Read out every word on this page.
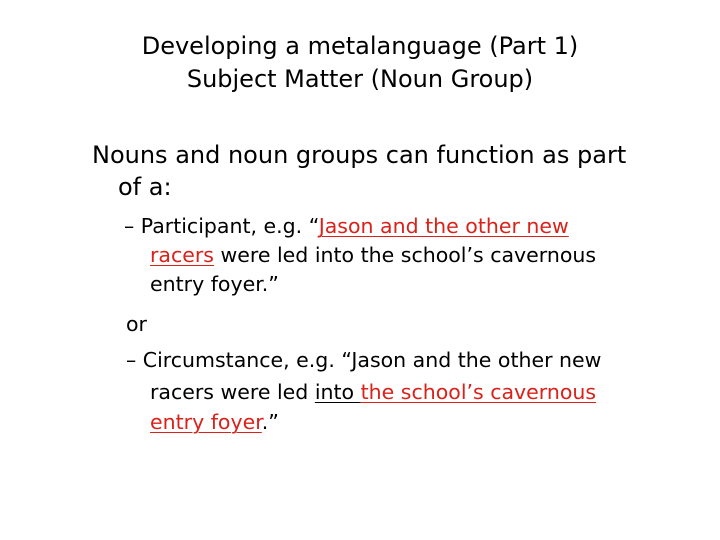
Developing a metalanguage (Part 1)
Subject Matter (Noun Group)
Nouns and noun groups can function as part
of a:
– Participant, e.g. “Jason and the other new
racers were led into the school’s cavernous
entry foyer.”
or
– Circumstance, e.g. “Jason and the other new
racers were led into the school’s cavernous
entry foyer.”
